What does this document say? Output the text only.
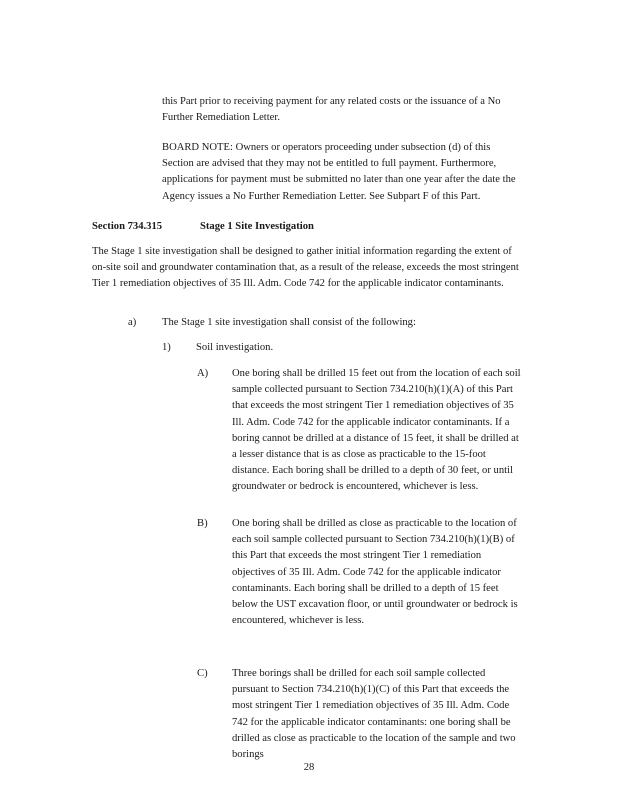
this Part prior to receiving payment for any related costs or the issuance of a No Further Remediation Letter.

BOARD NOTE: Owners or operators proceeding under subsection (d) of this Section are advised that they may not be entitled to full payment. Furthermore, applications for payment must be submitted no later than one year after the date the Agency issues a No Further Remediation Letter. See Subpart F of this Part.

Section 734.315	Stage 1 Site Investigation

The Stage 1 site investigation shall be designed to gather initial information regarding the extent of on-site soil and groundwater contamination that, as a result of the release, exceeds the most stringent Tier 1 remediation objectives of 35 Ill. Adm. Code 742 for the applicable indicator contaminants.

a) The Stage 1 site investigation shall consist of the following:

1) Soil investigation.

A) One boring shall be drilled 15 feet out from the location of each soil sample collected pursuant to Section 734.210(h)(1)(A) of this Part that exceeds the most stringent Tier 1 remediation objectives of 35 Ill. Adm. Code 742 for the applicable indicator contaminants. If a boring cannot be drilled at a distance of 15 feet, it shall be drilled at a lesser distance that is as close as practicable to the 15-foot distance. Each boring shall be drilled to a depth of 30 feet, or until groundwater or bedrock is encountered, whichever is less.

B) One boring shall be drilled as close as practicable to the location of each soil sample collected pursuant to Section 734.210(h)(1)(B) of this Part that exceeds the most stringent Tier 1 remediation objectives of 35 Ill. Adm. Code 742 for the applicable indicator contaminants. Each boring shall be drilled to a depth of 15 feet below the UST excavation floor, or until groundwater or bedrock is encountered, whichever is less.

C) Three borings shall be drilled for each soil sample collected pursuant to Section 734.210(h)(1)(C) of this Part that exceeds the most stringent Tier 1 remediation objectives of 35 Ill. Adm. Code 742 for the applicable indicator contaminants: one boring shall be drilled as close as practicable to the location of the sample and two borings

28
